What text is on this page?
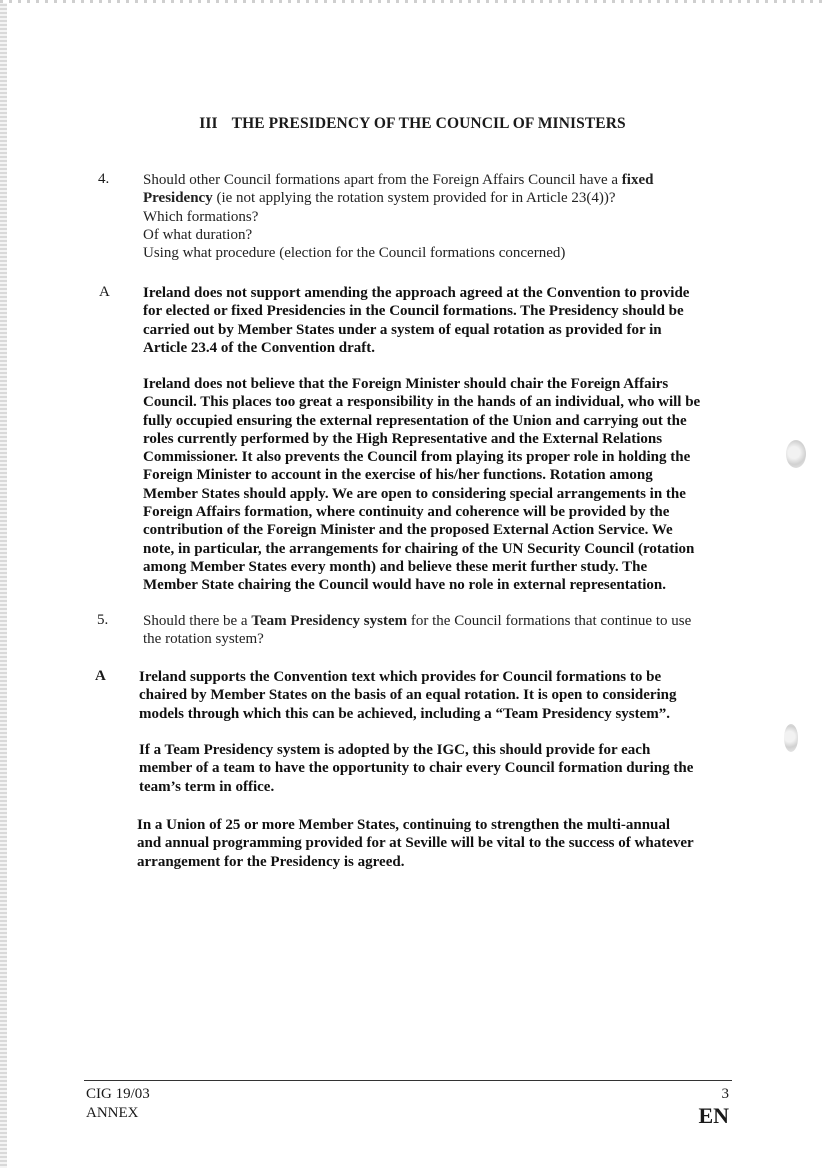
III THE PRESIDENCY OF THE COUNCIL OF MINISTERS
4. Should other Council formations apart from the Foreign Affairs Council have a fixed
Presidency (ie not applying the rotation system provided for in Article 23(4))?
Which formations?
Of what duration?
Using what procedure (election for the Council formations concerned)
A Ireland does not support amending the approach agreed at the Convention to provide
for elected or fixed Presidencies in the Council formations. The Presidency should be
carried out by Member States under a system of equal rotation as provided for in
Article 23.4 of the Convention draft.
Ireland does not believe that the Foreign Minister should chair the Foreign Affairs
Council. This places too great a responsibility in the hands of an individual, who will be
fully occupied ensuring the external representation of the Union and carrying out the
roles currently performed by the High Representative and the External Relations
Commissioner. It also prevents the Council from playing its proper role in holding the
Foreign Minister to account in the exercise of his/her functions. Rotation among
Member States should apply. We are open to considering special arrangements in the
Foreign Affairs formation, where continuity and coherence will be provided by the
contribution of the Foreign Minister and the proposed External Action Service. We
note, in particular, the arrangements for chairing of the UN Security Council (rotation
among Member States every month) and believe these merit further study. The
Member State chairing the Council would have no role in external representation.
5. Should there be a Team Presidency system for the Council formations that continue to use
the rotation system?
A Ireland supports the Convention text which provides for Council formations to be
chaired by Member States on the basis of an equal rotation. It is open to considering
models through which this can be achieved, including a “Team Presidency system”.
If a Team Presidency system is adopted by the IGC, this should provide for each
member of a team to have the opportunity to chair every Council formation during the
team’s term in office.
In a Union of 25 or more Member States, continuing to strengthen the multi-annual
and annual programming provided for at Seville will be vital to the success of whatever
arrangement for the Presidency is agreed.
CIG 19/03
ANNEX
3
EN
